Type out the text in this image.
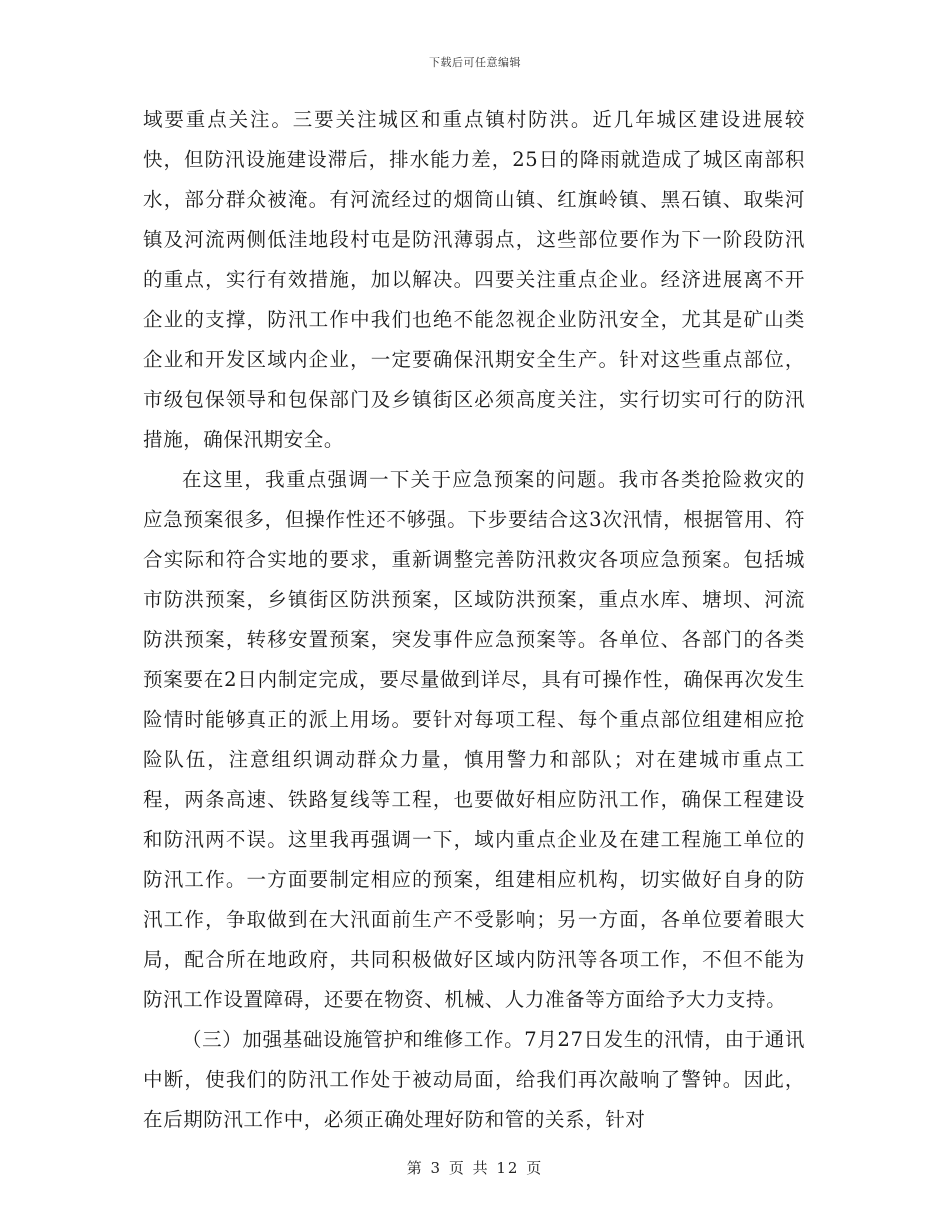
下载后可任意编辑

域要重点关注。三要关注城区和重点镇村防洪。近几年城区建设进展较快，但防汛设施建设滞后，排水能力差，25日的降雨就造成了城区南部积水，部分群众被淹。有河流经过的烟筒山镇、红旗岭镇、黑石镇、取柴河镇及河流两侧低洼地段村屯是防汛薄弱点，这些部位要作为下一阶段防汛的重点，实行有效措施，加以解决。四要关注重点企业。经济进展离不开企业的支撑，防汛工作中我们也绝不能忽视企业防汛安全，尤其是矿山类企业和开发区域内企业，一定要确保汛期安全生产。针对这些重点部位，市级包保领导和包保部门及乡镇街区必须高度关注，实行切实可行的防汛措施，确保汛期安全。

在这里，我重点强调一下关于应急预案的问题。我市各类抢险救灾的应急预案很多，但操作性还不够强。下步要结合这3次汛情，根据管用、符合实际和符合实地的要求，重新调整完善防汛救灾各项应急预案。包括城市防洪预案，乡镇街区防洪预案，区域防洪预案，重点水库、塘坝、河流防洪预案，转移安置预案，突发事件应急预案等。各单位、各部门的各类预案要在2日内制定完成，要尽量做到详尽，具有可操作性，确保再次发生险情时能够真正的派上用场。要针对每项工程、每个重点部位组建相应抢险队伍，注意组织调动群众力量，慎用警力和部队；对在建城市重点工程，两条高速、铁路复线等工程，也要做好相应防汛工作，确保工程建设和防汛两不误。这里我再强调一下，域内重点企业及在建工程施工单位的防汛工作。一方面要制定相应的预案，组建相应机构，切实做好自身的防汛工作，争取做到在大汛面前生产不受影响；另一方面，各单位要着眼大局，配合所在地政府，共同积极做好区域内防汛等各项工作，不但不能为防汛工作设置障碍，还要在物资、机械、人力准备等方面给予大力支持。

（三）加强基础设施管护和维修工作。7月27日发生的汛情，由于通讯中断，使我们的防汛工作处于被动局面，给我们再次敲响了警钟。因此，在后期防汛工作中，必须正确处理好防和管的关系，针对

第 3 页 共 12 页
